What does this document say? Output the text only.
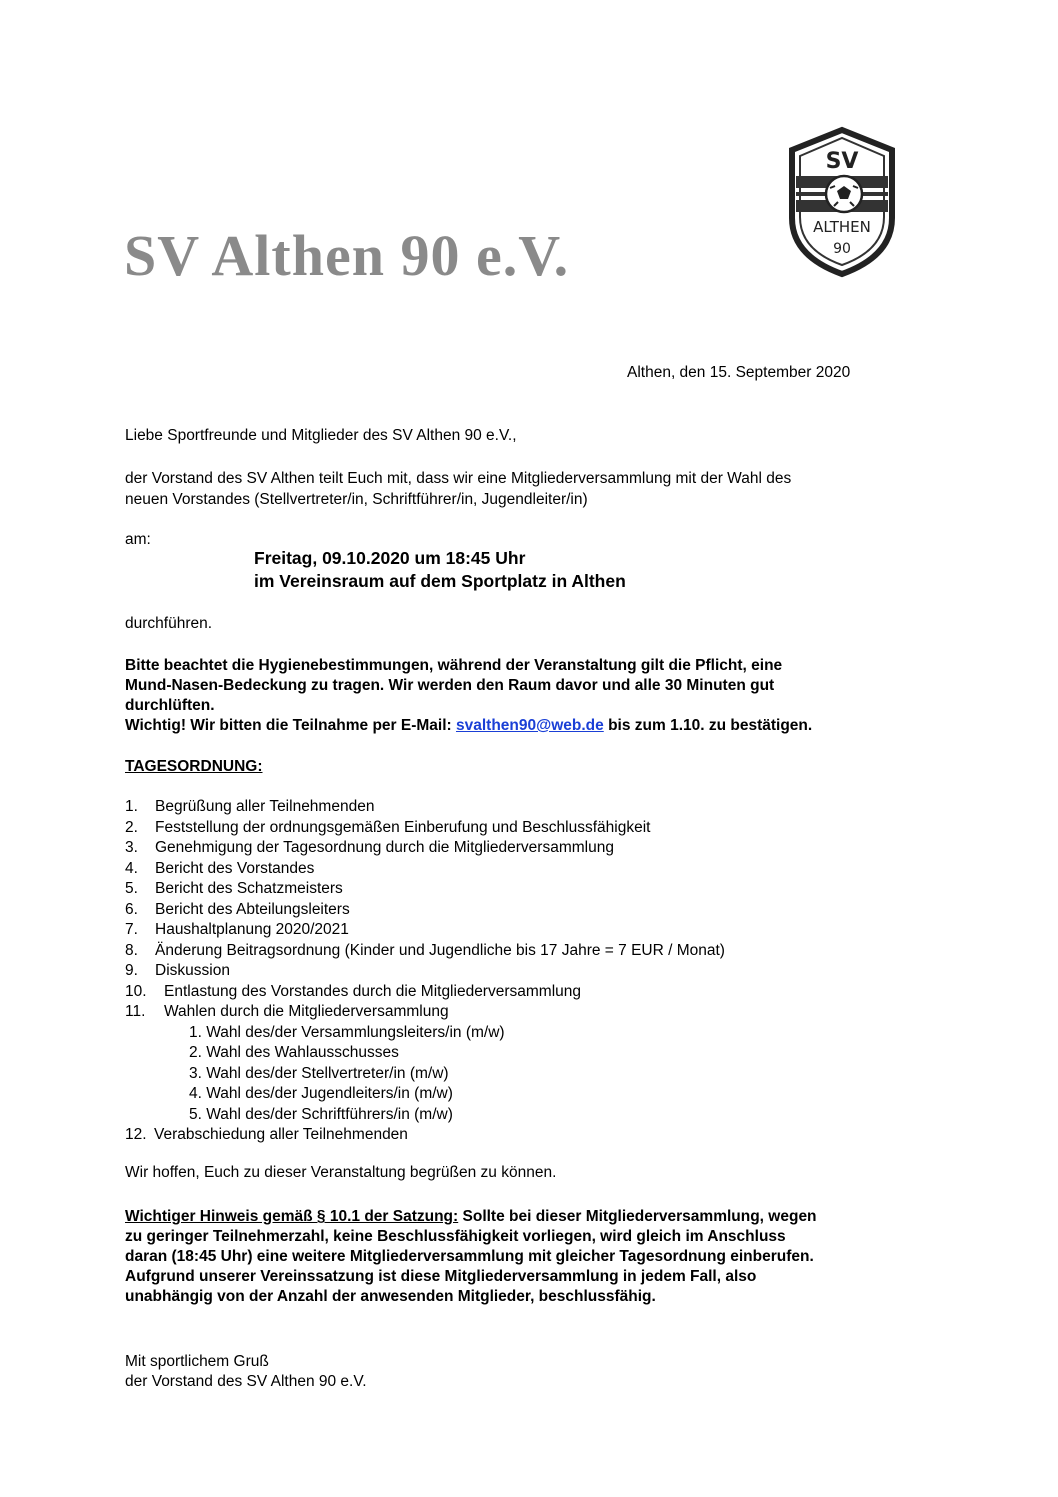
SV Althen 90 e.V.
SV
ALTHEN
90
Althen, den 15. September 2020
Liebe Sportfreunde und Mitglieder des SV Althen 90 e.V.,
der Vorstand des SV Althen teilt Euch mit, dass wir eine Mitgliederversammlung mit der Wahl des
neuen Vorstandes (Stellvertreter/in, Schriftführer/in, Jugendleiter/in)
am:
Freitag, 09.10.2020 um 18:45 Uhr
im Vereinsraum auf dem Sportplatz in Althen
durchführen.
Bitte beachtet die Hygienebestimmungen, während der Veranstaltung gilt die Pflicht, eine
Mund-Nasen-Bedeckung zu tragen. Wir werden den Raum davor und alle 30 Minuten gut
durchlüften.
Wichtig! Wir bitten die Teilnahme per E-Mail: svalthen90@web.de bis zum 1.10. zu bestätigen.
TAGESORDNUNG:
1. Begrüßung aller Teilnehmenden
2. Feststellung der ordnungsgemäßen Einberufung und Beschlussfähigkeit
3. Genehmigung der Tagesordnung durch die Mitgliederversammlung
4. Bericht des Vorstandes
5. Bericht des Schatzmeisters
6. Bericht des Abteilungsleiters
7. Haushaltplanung 2020/2021
8. Änderung Beitragsordnung (Kinder und Jugendliche bis 17 Jahre = 7 EUR / Monat)
9. Diskussion
10. Entlastung des Vorstandes durch die Mitgliederversammlung
11. Wahlen durch die Mitgliederversammlung
1. Wahl des/der Versammlungsleiters/in (m/w)
2. Wahl des Wahlausschusses
3. Wahl des/der Stellvertreter/in (m/w)
4. Wahl des/der Jugendleiters/in (m/w)
5. Wahl des/der Schriftführers/in (m/w)
12. Verabschiedung aller Teilnehmenden
Wir hoffen, Euch zu dieser Veranstaltung begrüßen zu können.
Wichtiger Hinweis gemäß § 10.1 der Satzung: Sollte bei dieser Mitgliederversammlung, wegen
zu geringer Teilnehmerzahl, keine Beschlussfähigkeit vorliegen, wird gleich im Anschluss
daran (18:45 Uhr) eine weitere Mitgliederversammlung mit gleicher Tagesordnung einberufen.
Aufgrund unserer Vereinssatzung ist diese Mitgliederversammlung in jedem Fall, also
unabhängig von der Anzahl der anwesenden Mitglieder, beschlussfähig.
Mit sportlichem Gruß
der Vorstand des SV Althen 90 e.V.
